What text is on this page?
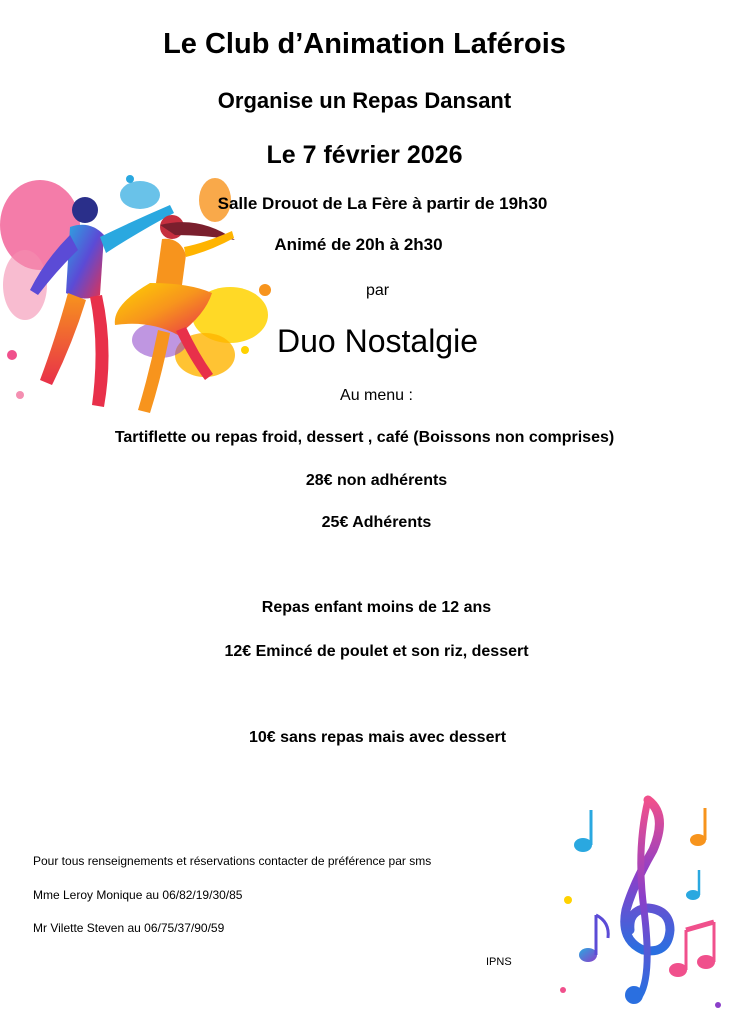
Le Club d’Animation Laférois
Organise un Repas Dansant
Le 7 février 2026
Salle Drouot de La Fère à partir de 19h30
Animé de 20h à 2h30
par
Duo Nostalgie
Au menu :
Tartiflette ou repas froid, dessert , café (Boissons non comprises)
28€ non adhérents
25€ Adhérents
Repas enfant moins de 12 ans
12€ Emincé de poulet et son riz, dessert
10€ sans repas mais avec dessert
Pour tous renseignements et réservations contacter de préférence par sms
Mme Leroy Monique au 06/82/19/30/85
Mr Vilette Steven au 06/75/37/90/59
IPNS
